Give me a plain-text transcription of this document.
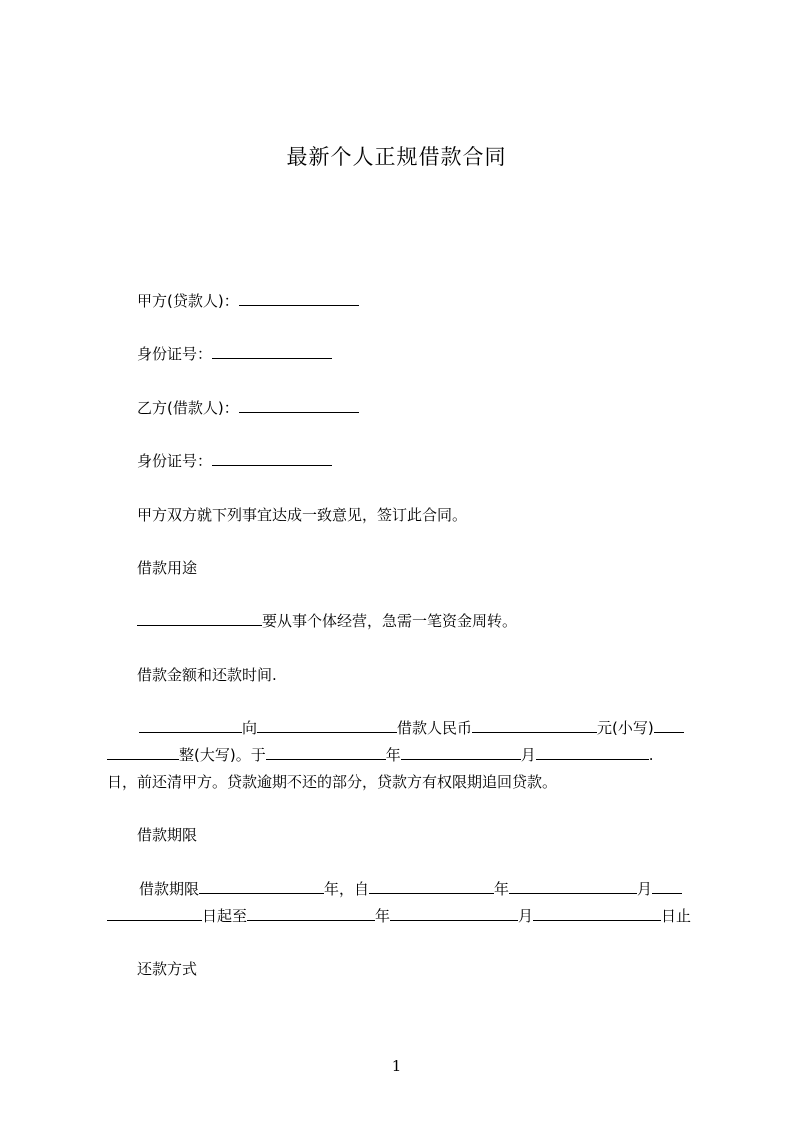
最新个人正规借款合同
甲方(贷款人)：
身份证号：
乙方(借款人)：
身份证号：
甲方双方就下列事宜达成一致意见，签订此合同。
借款用途
要从事个体经营，急需一笔资金周转。
借款金额和还款时间.
向	借款人民币	元(小写)
整(大写)。于	年	月	.
日，前还清甲方。贷款逾期不还的部分，贷款方有权限期追回贷款。
借款期限
借款期限	年，自	年	月
日起至	年	月	日止
还款方式
1
